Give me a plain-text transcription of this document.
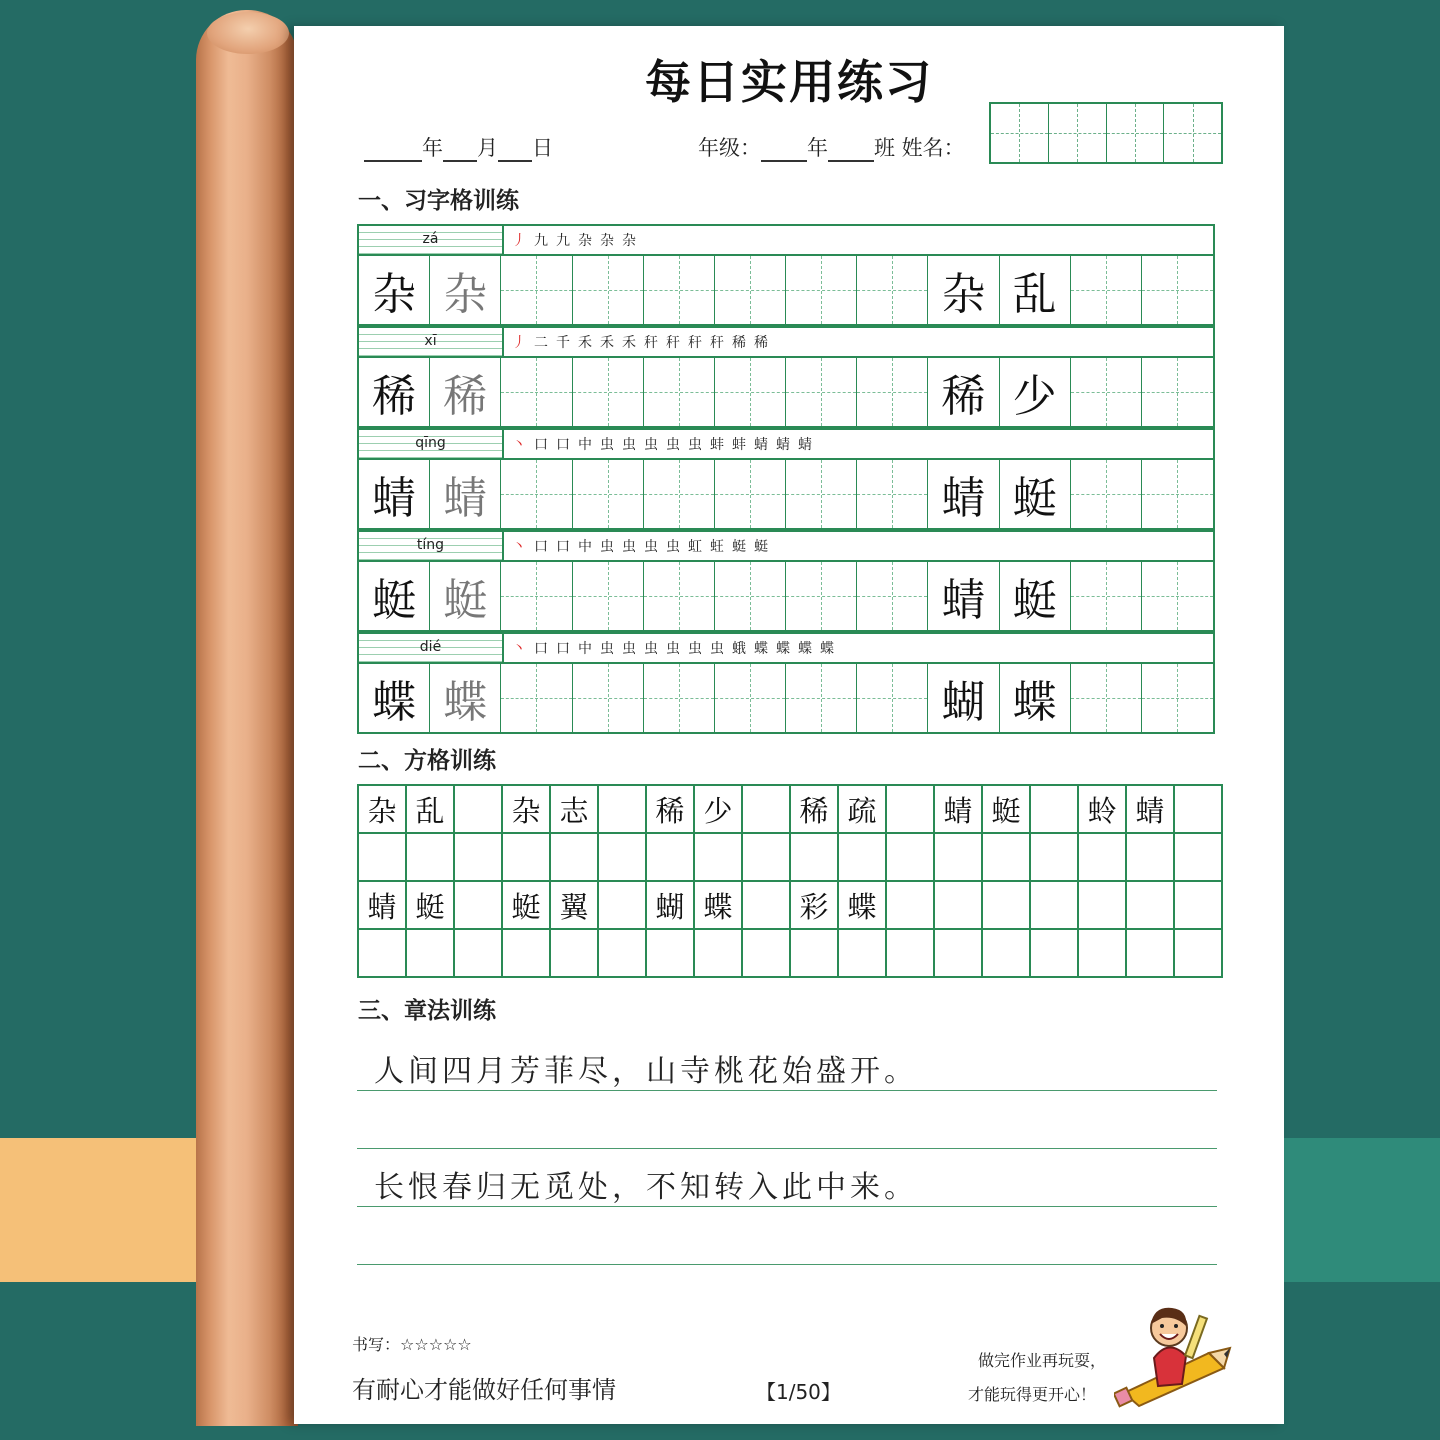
每日实用练习
年 月 日	年级： 年 班 姓名：
一、习字格训练
zá	丿 九 九 杂 杂 杂
杂 杂	杂 乱
xī	丿 二 千 禾 禾 禾 秆 秆 秆 秆 稀 稀
稀 稀	稀 少
qīng	丶 口 口 中 虫 虫 虫 虫 虫 蚌 蚌 蜻 蜻 蜻
蜻 蜻	蜻 蜓
tíng	丶 口 口 中 虫 虫 虫 虫 虹 蚟 蜓 蜓
蜓 蜓	蜻 蜓
dié	丶 口 口 中 虫 虫 虫 虫 虫 虫 蛾 蝶 蝶 蝶 蝶
蝶 蝶	蝴 蝶
二、方格训练
杂 乱	杂 志	稀 少	稀 疏	蜻 蜓	蛉 蜻
蜻 蜓	蜓 翼	蝴 蝶	彩 蝶
三、章法训练
人间四月芳菲尽，山寺桃花始盛开。
长恨春归无觅处，不知转入此中来。
书写：☆☆☆☆☆
有耐心才能做好任何事情	【1/50】
做完作业再玩耍，
才能玩得更开心！
